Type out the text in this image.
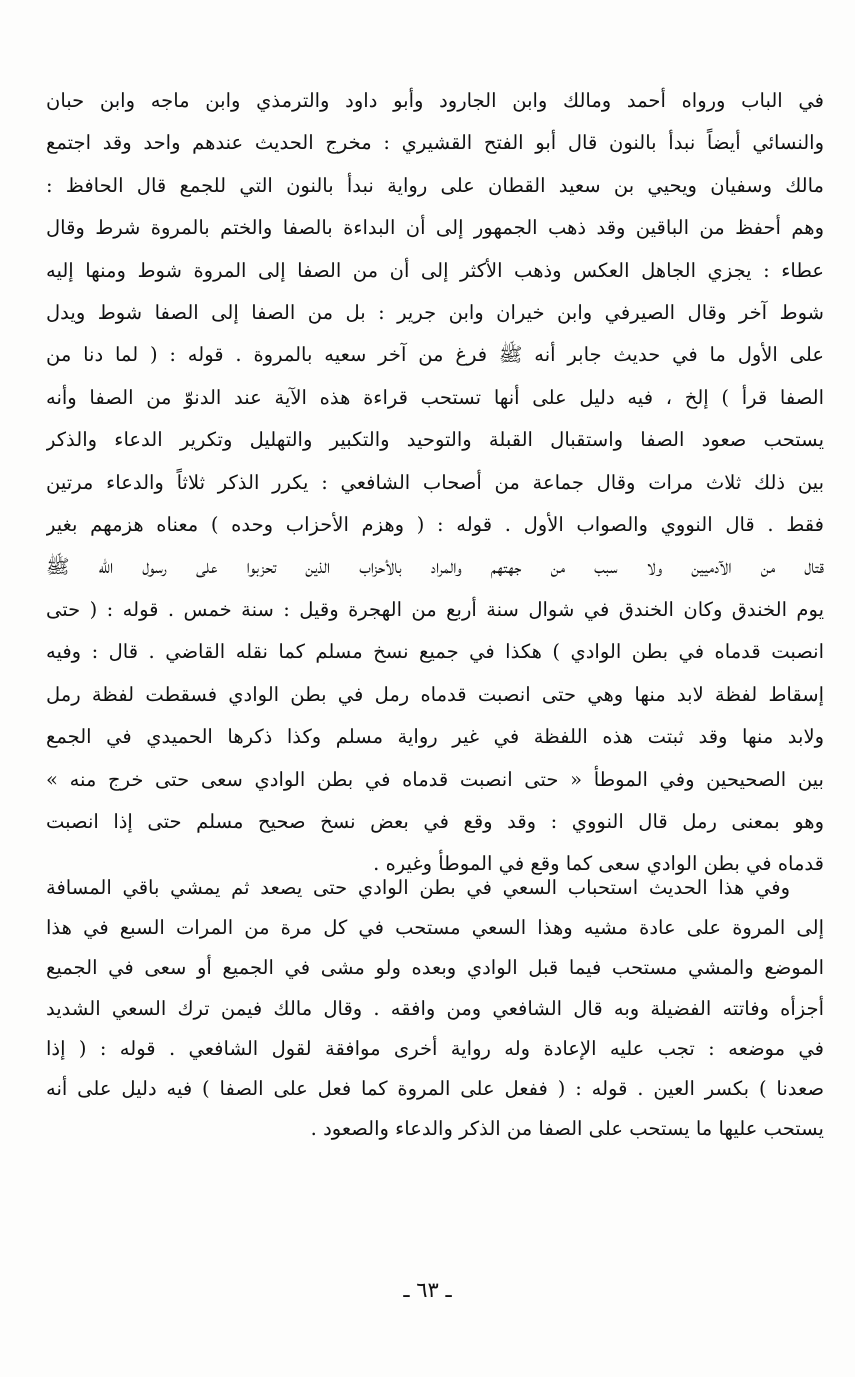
في الباب ورواه أحمد ومالك وابن الجارود وأبو داود والترمذي وابن ماجه وابن حبان
والنسائي أيضاً نبدأ بالنون قال أبو الفتح القشيري : مخرج الحديث عندهم واحد وقد اجتمع
مالك وسفيان ويحيي بن سعيد القطان على رواية نبدأ بالنون التي للجمع قال الحافظ :
وهم أحفظ من الباقين وقد ذهب الجمهور إلى أن البداءة بالصفا والختم بالمروة شرط وقال
عطاء : يجزي الجاهل العكس وذهب الأكثر إلى أن من الصفا إلى المروة شوط ومنها إليه
شوط آخر وقال الصيرفي وابن خيران وابن جرير : بل من الصفا إلى الصفا شوط ويدل
على الأول ما في حديث جابر أنه ﷺ فرغ من آخر سعيه بالمروة . قوله : ( لما دنا من
الصفا قرأ ) إلخ ، فيه دليل على أنها تستحب قراءة هذه الآية عند الدنوّ من الصفا وأنه
يستحب صعود الصفا واستقبال القبلة والتوحيد والتكبير والتهليل وتكرير الدعاء والذكر
بين ذلك ثلاث مرات وقال جماعة من أصحاب الشافعي : يكرر الذكر ثلاثاً والدعاء مرتين
فقط . قال النووي والصواب الأول . قوله : ( وهزم الأحزاب وحده ) معناه هزمهم بغير
قتال من الآدميين ولا سبب من جهتهم والمراد بالأحزاب الذين تحزبوا على رسول الله ﷺ
يوم الخندق وكان الخندق في شوال سنة أربع من الهجرة وقيل : سنة خمس . قوله : ( حتى
انصبت قدماه في بطن الوادي ) هكذا في جميع نسخ مسلم كما نقله القاضي . قال : وفيه
إسقاط لفظة لابد منها وهي حتى انصبت قدماه رمل في بطن الوادي فسقطت لفظة رمل
ولابد منها وقد ثبتت هذه اللفظة في غير رواية مسلم وكذا ذكرها الحميدي في الجمع
بين الصحيحين وفي الموطأ « حتى انصبت قدماه في بطن الوادي سعى حتى خرج منه »
وهو بمعنى رمل قال النووي : وقد وقع في بعض نسخ صحيح مسلم حتى إذا انصبت
قدماه في بطن الوادي سعى كما وقع في الموطأ وغيره .
وفي هذا الحديث استحباب السعي في بطن الوادي حتى يصعد ثم يمشي باقي المسافة
إلى المروة على عادة مشيه وهذا السعي مستحب في كل مرة من المرات السبع في هذا
الموضع والمشي مستحب فيما قبل الوادي وبعده ولو مشى في الجميع أو سعى في الجميع
أجزأه وفاتته الفضيلة وبه قال الشافعي ومن وافقه . وقال مالك فيمن ترك السعي الشديد
في موضعه : تجب عليه الإعادة وله رواية أخرى موافقة لقول الشافعي . قوله : ( إذا
صعدنا ) بكسر العين . قوله : ( ففعل على المروة كما فعل على الصفا ) فيه دليل على أنه
يستحب عليها ما يستحب على الصفا من الذكر والدعاء والصعود .
ـ ٦٣ ـ
